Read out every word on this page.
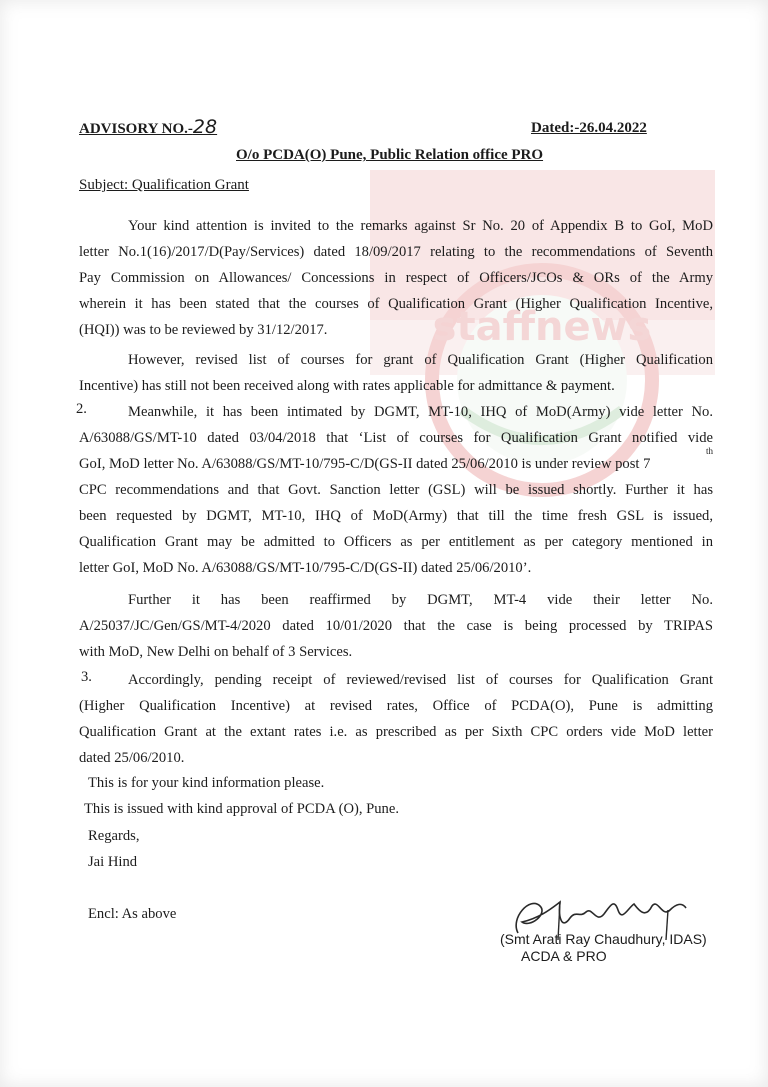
staffnews
ADVISORY NO.-28	Dated:-26.04.2022
O/o PCDA(O) Pune, Public Relation office PRO
Subject: Qualification Grant
Your kind attention is invited to the remarks against Sr No. 20 of Appendix B to GoI, MoD
letter No.1(16)/2017/D(Pay/Services) dated 18/09/2017 relating to the recommendations of Seventh
Pay Commission on Allowances/ Concessions in respect of Officers/JCOs & ORs of the Army
wherein it has been stated that the courses of Qualification Grant (Higher Qualification Incentive,
(HQI)) was to be reviewed by 31/12/2017.
However, revised list of courses for grant of Qualification Grant (Higher Qualification
Incentive) has still not been received along with rates applicable for admittance & payment.
2.	Meanwhile, it has been intimated by DGMT, MT-10, IHQ of MoD(Army) vide letter No.
A/63088/GS/MT-10 dated 03/04/2018 that ‘List of courses for Qualification Grant notified vide
GoI, MoD letter No. A/63088/GS/MT-10/795-C/D(GS-II dated 25/06/2010 is under review post 7
th
CPC recommendations and that Govt. Sanction letter (GSL) will be issued shortly. Further it has
been requested by DGMT, MT-10, IHQ of MoD(Army) that till the time fresh GSL is issued,
Qualification Grant may be admitted to Officers as per entitlement as per category mentioned in
letter GoI, MoD No. A/63088/GS/MT-10/795-C/D(GS-II) dated 25/06/2010’.
Further it has been reaffirmed by DGMT, MT-4 vide their letter No.
A/25037/JC/Gen/GS/MT-4/2020 dated 10/01/2020 that the case is being processed by TRIPAS
with MoD, New Delhi on behalf of 3 Services.
3.	Accordingly, pending receipt of reviewed/revised list of courses for Qualification Grant
(Higher Qualification Incentive) at revised rates, Office of PCDA(O), Pune is admitting
Qualification Grant at the extant rates i.e. as prescribed as per Sixth CPC orders vide MoD letter
dated 25/06/2010.
This is for your kind information please.
This is issued with kind approval of PCDA (O), Pune.
Regards,
Jai Hind
Encl: As above
(Smt Arati Ray Chaudhury, IDAS)
ACDA & PRO
